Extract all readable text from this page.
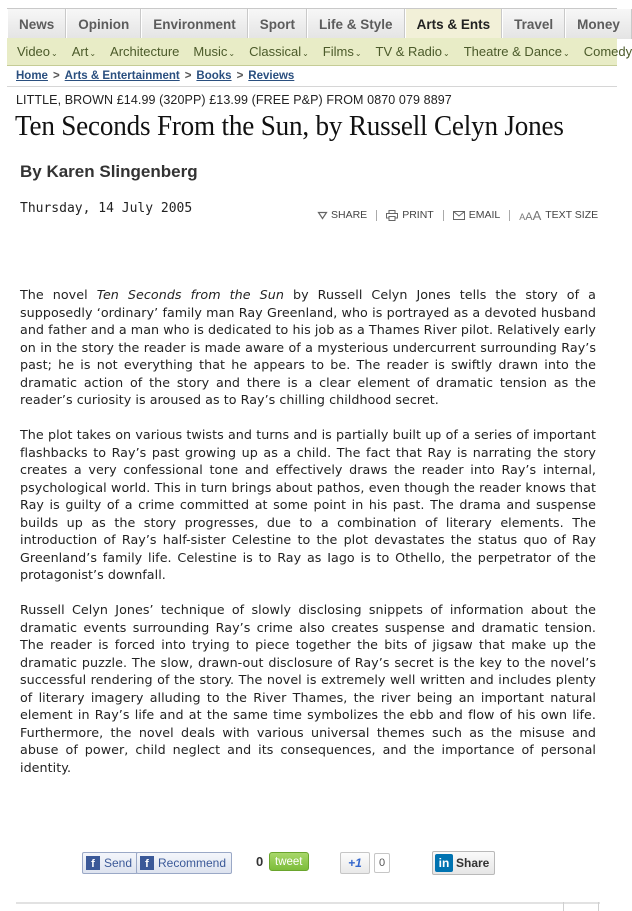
News	Opinion	Environment	Sport	Life & Style	Arts & Ents	Travel	Money
Video ⌄ Art ⌄ Architecture Music ⌄ Classical ⌄ Films ⌄ TV & Radio ⌄ Theatre & Dance ⌄ Comedy
Home > Arts & Entertainment > Books > Reviews
LITTLE, BROWN £14.99 (320PP) £13.99 (FREE P&P) FROM 0870 079 8897
Ten Seconds From the Sun, by Russell Celyn Jones
By Karen Slingenberg
Thursday, 14 July 2005	SHARE	PRINT	EMAIL AAA TEXT SIZE

The novel Ten Seconds from the Sun by Russell Celyn Jones tells the story of a supposedly ‘ordinary’ family man Ray Greenland, who is portrayed as a devoted husband and father and a man who is dedicated to his job as a Thames River pilot. Relatively early on in the story the reader is made aware of a mysterious undercurrent surrounding Ray’s past; he is not everything that he appears to be. The reader is swiftly drawn into the dramatic action of the story and there is a clear element of dramatic tension as the reader’s curiosity is aroused as to Ray’s chilling childhood secret.

The plot takes on various twists and turns and is partially built up of a series of important flashbacks to Ray’s past growing up as a child. The fact that Ray is narrating the story creates a very confessional tone and effectively draws the reader into Ray’s internal, psychological world. This in turn brings about pathos, even though the reader knows that Ray is guilty of a crime committed at some point in his past. The drama and suspense builds up as the story progresses, due to a combination of literary elements. The introduction of Ray’s half-sister Celestine to the plot devastates the status quo of Ray Greenland’s family life. Celestine is to Ray as Iago is to Othello, the perpetrator of the protagonist’s downfall.

Russell Celyn Jones’ technique of slowly disclosing snippets of information about the dramatic events surrounding Ray’s crime also creates suspense and dramatic tension. The reader is forced into trying to piece together the bits of jigsaw that make up the dramatic puzzle. The slow, drawn-out disclosure of Ray’s secret is the key to the novel’s successful rendering of the story. The novel is extremely well written and includes plenty of literary imagery alluding to the River Thames, the river being an important natural element in Ray’s life and at the same time symbolizes the ebb and flow of his own life. Furthermore, the novel deals with various universal themes such as the misuse and abuse of power, child neglect and its consequences, and the importance of personal identity.

f Send	f Recommend 0	tweet	+1	0	in Share
